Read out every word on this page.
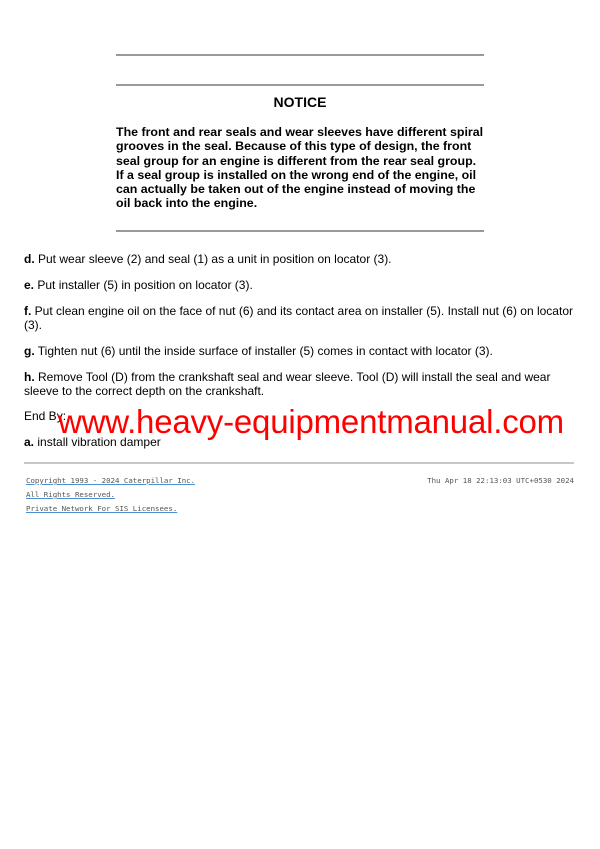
NOTICE
The front and rear seals and wear sleeves have different spiral grooves in the seal. Because of this type of design, the front seal group for an engine is different from the rear seal group. If a seal group is installed on the wrong end of the engine, oil can actually be taken out of the engine instead of moving the oil back into the engine.
d. Put wear sleeve (2) and seal (1) as a unit in position on locator (3).
e. Put installer (5) in position on locator (3).
f. Put clean engine oil on the face of nut (6) and its contact area on installer (5). Install nut (6) on locator (3).
g. Tighten nut (6) until the inside surface of installer (5) comes in contact with locator (3).
h. Remove Tool (D) from the crankshaft seal and wear sleeve. Tool (D) will install the seal and wear sleeve to the correct depth on the crankshaft.
End By:
a. install vibration damper
www.heavy-equipmentmanual.com
Copyright 1993 - 2024 Caterpillar Inc.
All Rights Reserved.
Private Network For SIS Licensees.
Thu Apr 18 22:13:03 UTC+0530 2024
